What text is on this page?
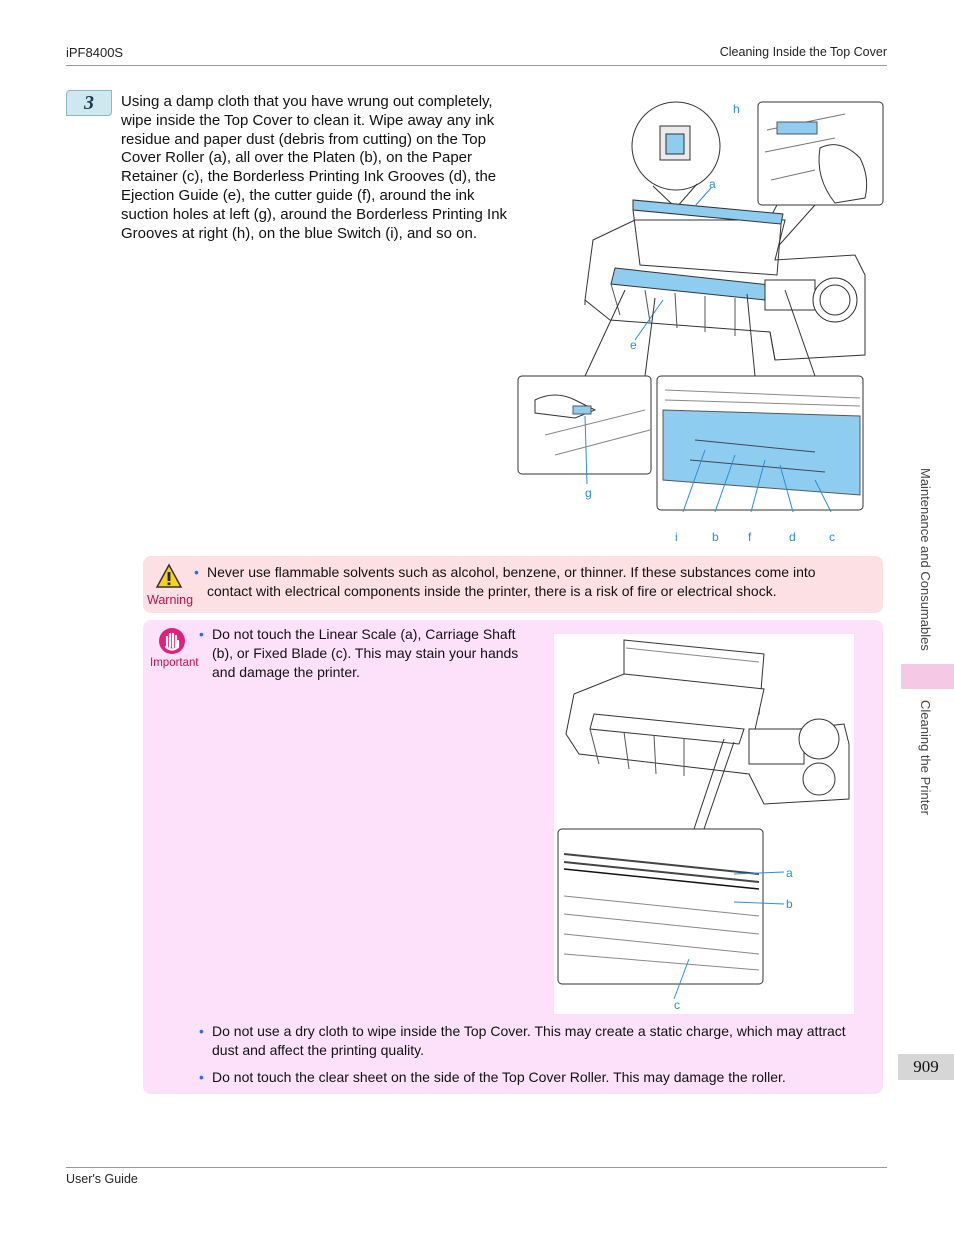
iPF8400S	Cleaning Inside the Top Cover
3	Using a damp cloth that you have wrung out completely, wipe inside the Top Cover to clean it. Wipe away any ink residue and paper dust (debris from cutting) on the Top Cover Roller (a), all over the Platen (b), on the Paper Retainer (c), the Borderless Printing Ink Grooves (d), the Ejection Guide (e), the cutter guide (f), around the ink suction holes at left (g), around the Borderless Printing Ink Grooves at right (h), on the blue Switch (i), and so on.
h
a
e
g
i	b f	d	c
Warning
• Never use flammable solvents such as alcohol, benzene, or thinner. If these substances come into contact with electrical components inside the printer, there is a risk of fire or electrical shock.
Important
• Do not touch the Linear Scale (a), Carriage Shaft (b), or Fixed Blade (c). This may stain your hands and damage the printer.
a
b
c
• Do not use a dry cloth to wipe inside the Top Cover. This may create a static charge, which may attract dust and affect the printing quality.
• Do not touch the clear sheet on the side of the Top Cover Roller. This may damage the roller.
Maintenance and Consumables
Cleaning the Printer
909
User's Guide
